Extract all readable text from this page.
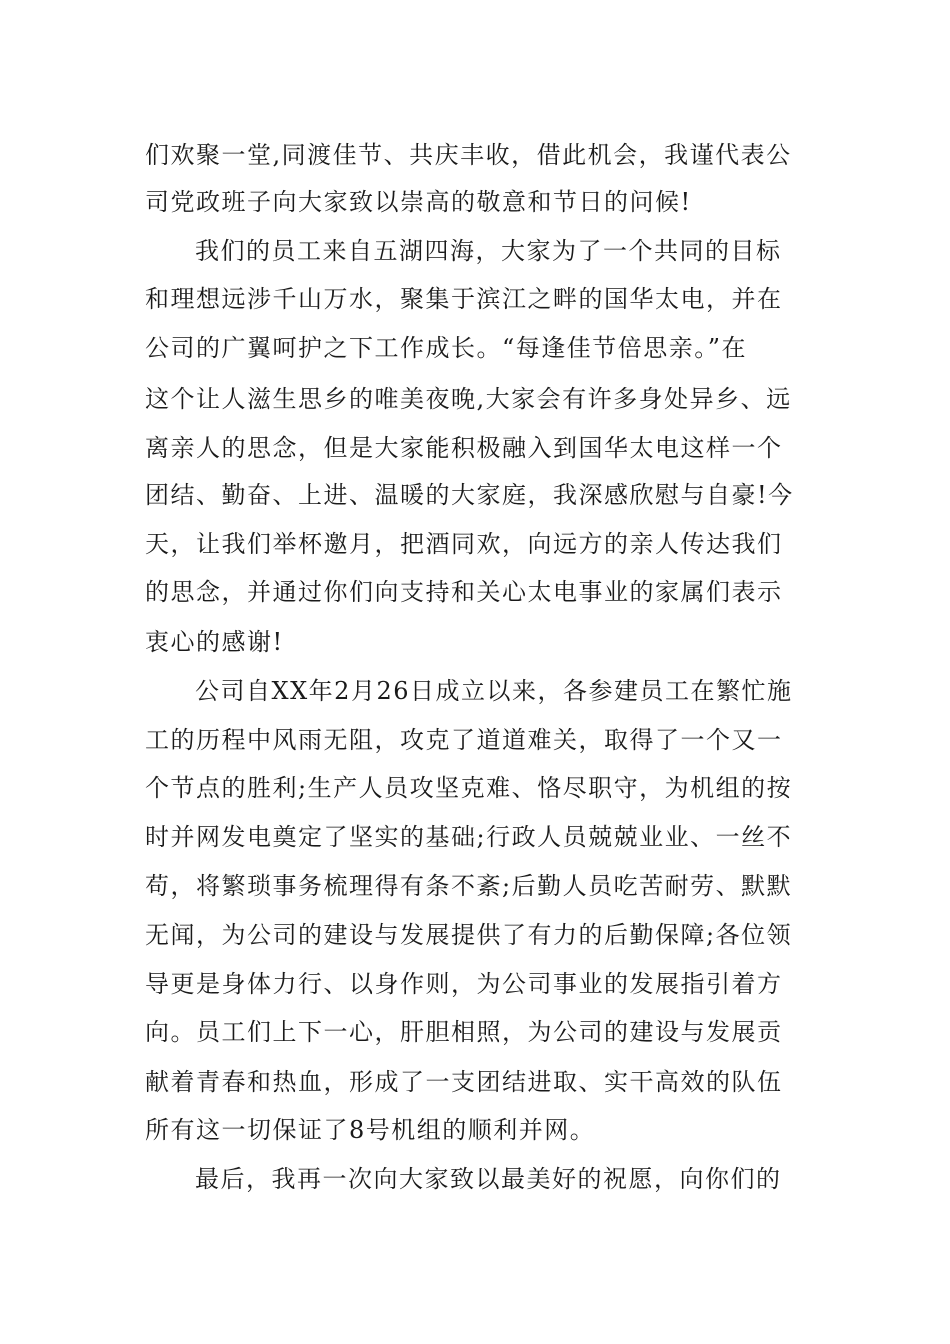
们欢聚一堂,同渡佳节、共庆丰收，借此机会，我谨代表公
司党政班子向大家致以崇高的敬意和节日的问候!
我们的员工来自五湖四海，大家为了一个共同的目标
和理想远涉千山万水，聚集于滨江之畔的国华太电，并在
公司的广翼呵护之下工作成长。“每逢佳节倍思亲。”在
这个让人滋生思乡的唯美夜晚,大家会有许多身处异乡、远
离亲人的思念，但是大家能积极融入到国华太电这样一个
团结、勤奋、上进、温暖的大家庭，我深感欣慰与自豪!今
天，让我们举杯邀月，把酒同欢，向远方的亲人传达我们
的思念，并通过你们向支持和关心太电事业的家属们表示
衷心的感谢!
公司自XX年2月26日成立以来，各参建员工在繁忙施
工的历程中风雨无阻，攻克了道道难关，取得了一个又一
个节点的胜利;生产人员攻坚克难、恪尽职守，为机组的按
时并网发电奠定了坚实的基础;行政人员兢兢业业、一丝不
苟，将繁琐事务梳理得有条不紊;后勤人员吃苦耐劳、默默
无闻，为公司的建设与发展提供了有力的后勤保障;各位领
导更是身体力行、以身作则，为公司事业的发展指引着方
向。员工们上下一心，肝胆相照，为公司的建设与发展贡
献着青春和热血，形成了一支团结进取、实干高效的队伍
所有这一切保证了8号机组的顺利并网。
最后，我再一次向大家致以最美好的祝愿，向你们的
